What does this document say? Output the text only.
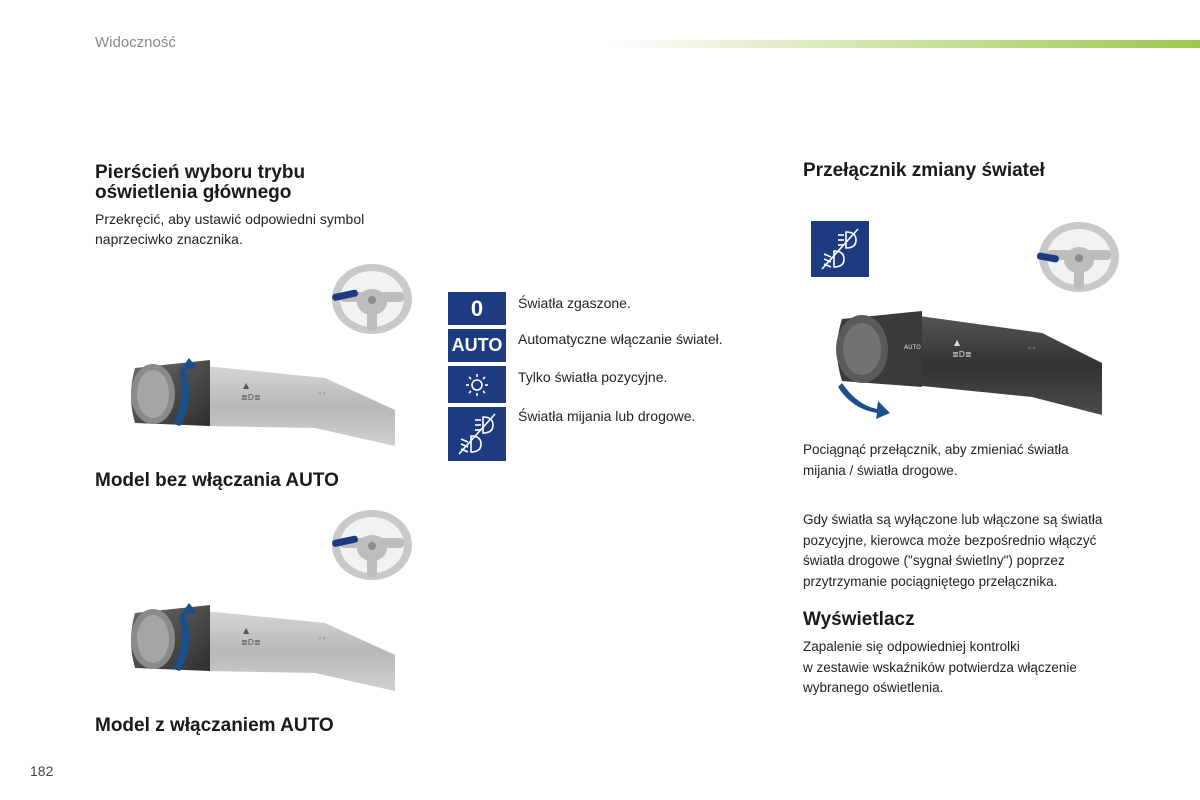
Widoczność
Pierścień wyboru trybu
oświetlenia głównego
Przekręcić, aby ustawić odpowiedni symbol
naprzeciwko znacznika.
▲
≣D≣	◦◦
Model bez włączania AUTO
▲
≣D≣	◦◦
Model z włączaniem AUTO
0 Światła zgaszone.
AUTO Automatyczne włączanie świateł.
Tylko światła pozycyjne.
Światła mijania lub drogowe.
Przełącznik zmiany świateł
AUTO
▲
≣D≣
◦◦
Pociągnąć przełącznik, aby zmieniać światła
mijania / światła drogowe.
Gdy światła są wyłączone lub włączone są światła
pozycyjne, kierowca może bezpośrednio włączyć
światła drogowe ("sygnał świetlny") poprzez
przytrzymanie pociągniętego przełącznika.
Wyświetlacz
Zapalenie się odpowiedniej kontrolki
w zestawie wskaźników potwierdza włączenie
wybranego oświetlenia.
182
